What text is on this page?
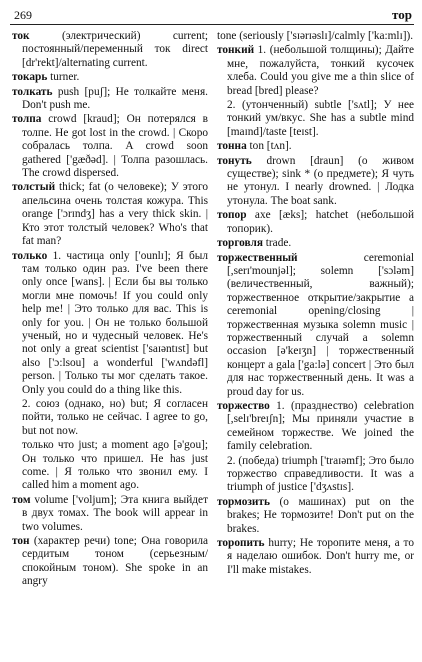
269	тор

ток (электрический) current; постоянный/переменный ток direct [dr'rekt]/alternating current.

токарь turner.

толкать push [puʃ]; Не толкайте меня. Don't push me.

толпа crowd [kraud]; Он потерялся в толпе. He got lost in the crowd. | Скоро собралась толпа. A crowd soon gathered ['gæðəd]. | Толпа разошлась. The crowd dispersed.

толстый thick; fat (о человеке); У этого апельсина очень толстая кожура. This orange ['ɔrɪndʒ] has a very thick skin. | Кто этот толстый человек? Who's that fat man?

только 1. частица only ['ounlɪ]; Я был там только один раз. I've been there only once [wans]. | Если бы вы только могли мне помочь! If you could only help me! | Это только для вас. This is only for you. | Он не только большой ученый, но и чудесный человек. He's not only a great scientist ['saɪəntɪst] but also ['ɔ:lsou] a wonderful ['wʌndəfl] person. | Только ты мог сделать такое. Only you could do a thing like this.

2. союз (однако, но) but; Я согласен пойти, только не сейчас. I agree to go, but not now.

только что just; a moment ago [ə'gou]; Он только что пришел. He has just come. | Я только что звонил ему. I called him a moment ago.

том volume ['voljum]; Эта книга выйдет в двух томах. The book will appear in two volumes.

тон (характер речи) tone; Она говорила сердитым тоном (серьезным/спокойным тоном). She spoke in an angry

tone (seriously ['sɪərɪəslɪ]/calmly ['ka:mlɪ]).

тонкий 1. (небольшой толщины); Дайте мне, пожалуйста, тонкий кусочек хлеба. Could you give me a thin slice of bread [bred] please?

2. (утонченный) subtle ['sʌtl]; У нее тонкий ум/вкус. She has a subtle mind [maɪnd]/taste [teɪst].

тонна ton [tʌn].

тонуть drown [draun] (о живом существе); sink * (о предмете); Я чуть не утонул. I nearly drowned. | Лодка утонула. The boat sank.

топор axe [æks]; hatchet (небольшой топорик).

торговля trade.

торжественный ceremonial [,serɪ'mounjəl]; solemn ['sɔləm] (величественный, важный); торжественное открытие/закрытие a ceremonial opening/closing | торжественная музыка solemn music | торжественный случай a solemn occasion [ə'keɪʒn] | торжественный концерт a gala ['ga:lə] concert | Это был для нас торжественный день. It was a proud day for us.

торжество 1. (празднество) celebration [,selɪ'breɪʃn]; Мы приняли участие в семейном торжестве. We joined the family celebration.

2. (победа) triumph ['traɪəmf]; Это было торжество справедливости. It was a triumph of justice ['dʒʌstɪs].

тормозить (о машинах) put on the brakes; Не тормозите! Don't put on the brakes.

торопить hurry; Не торопите меня, а то я наделаю ошибок. Don't hurry me, or I'll make mistakes.
